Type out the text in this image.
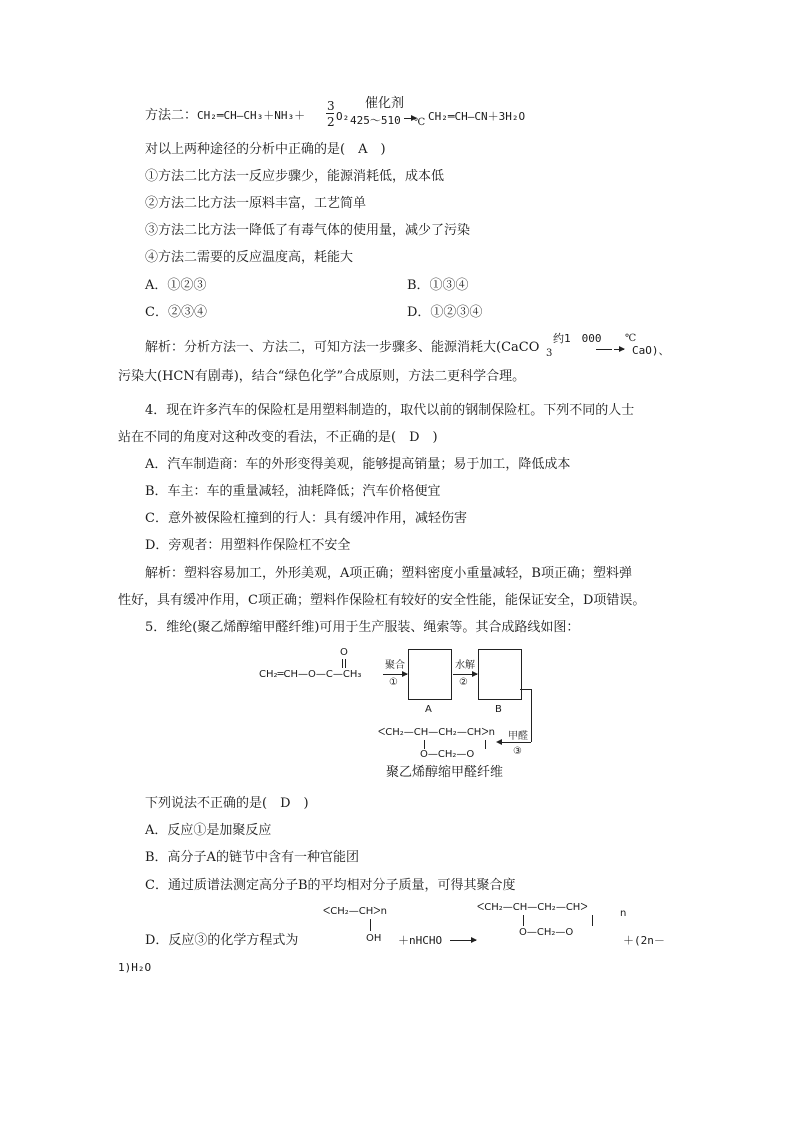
方法二：CH₂═CH—CH₃＋NH₃＋
3
2 O₂
催化剂
425～510 ℃ CH₂═CH—CN＋3H₂O
对以上两种途径的分析中正确的是(　A　)
①方法二比方法一反应步骤少，能源消耗低，成本低
②方法二比方法一原料丰富，工艺简单
③方法二比方法一降低了有毒气体的使用量，减少了污染
④方法二需要的反应温度高，耗能大
A．①②③	B．①③④
C．②③④	D．①②③④
解析：分析方法一、方法二，可知方法一步骤多、能源消耗大(CaCO 3
约1　000 ℃
CaO)、
污染大(HCN有剧毒)，结合“绿色化学”合成原则，方法二更科学合理。
4．现在许多汽车的保险杠是用塑料制造的，取代以前的钢制保险杠。下列不同的人士
站在不同的角度对这种改变的看法，不正确的是(　D　)
A．汽车制造商：车的外形变得美观，能够提高销量；易于加工，降低成本
B．车主：车的重量减轻，油耗降低；汽车价格便宜
C．意外被保险杠撞到的行人：具有缓冲作用，减轻伤害
D．旁观者：用塑料作保险杠不安全
解析：塑料容易加工，外形美观，A项正确；塑料密度小重量减轻，B项正确；塑料弹
性好，具有缓冲作用，C项正确；塑料作保险杠有较好的安全性能，能保证安全，D项错误。
5．维纶(聚乙烯醇缩甲醛纤维)可用于生产服装、绳索等。其合成路线如图：
CH₂═CH—O—C—CH₃
O
聚合
①
A
水解
②
B
甲醛
③
ᐸCH₂—CH—CH₂—CHᐳn
O—CH₂—O
聚乙烯醇缩甲醛纤维
下列说法不正确的是(　D　)
A．反应①是加聚反应
B．高分子A的链节中含有一种官能团
C．通过质谱法测定高分子B的平均相对分子质量，可得其聚合度
D．反应③的化学方程式为
ᐸCH₂—CHᐳn
OH ＋nHCHO
ᐸCH₂—CH—CH₂—CHᐳ
n
O—CH₂—O
＋(2n－
1)H₂O
